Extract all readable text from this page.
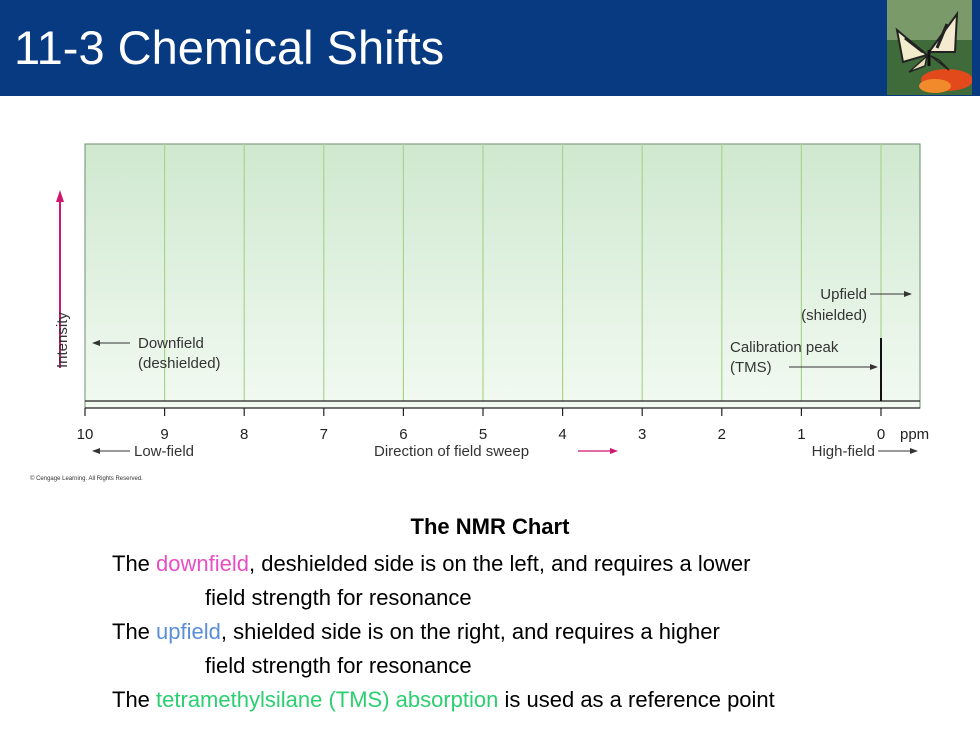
11-3 Chemical Shifts
10	9	8	7	6	5	4	3	2	1	0 ppm
Intensity	Downfield
(deshielded)
Upfield
(shielded)
Calibration peak
(TMS)
Low-field	Direction of field sweep	High-field
© Cengage Learning. All Rights Reserved.
The NMR Chart
The downfield, deshielded side is on the left, and requires a lower
field strength for resonance
The upfield, shielded side is on the right, and requires a higher
field strength for resonance
The tetramethylsilane (TMS) absorption is used as a reference point
